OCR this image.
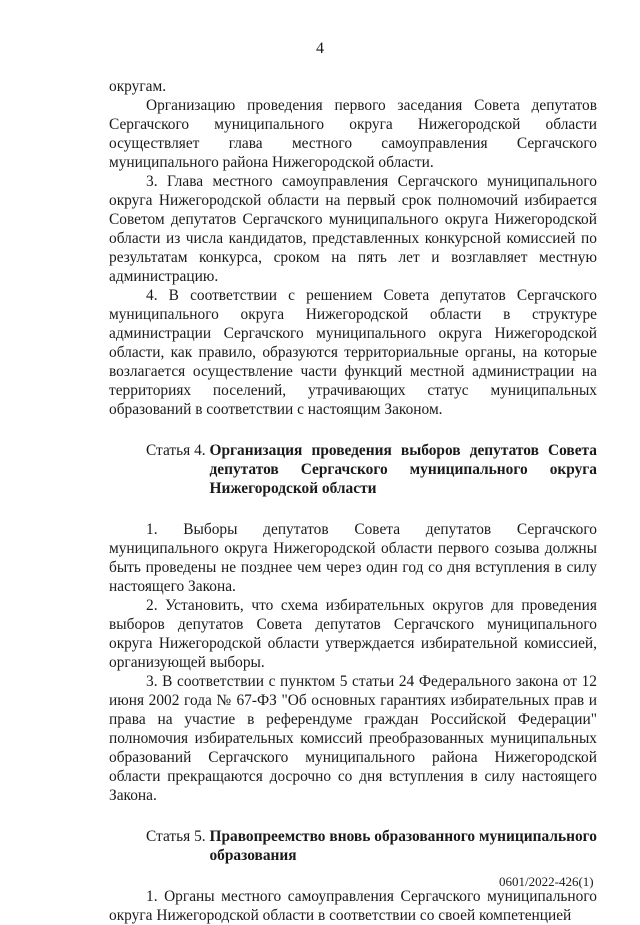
4

округам.

Организацию проведения первого заседания Совета депутатов Сергачского муниципального округа Нижегородской области осуществляет глава местного самоуправления Сергачского муниципального района Нижегородской области.

3. Глава местного самоуправления Сергачского муниципального округа Нижегородской области на первый срок полномочий избирается Советом депутатов Сергачского муниципального округа Нижегородской области из числа кандидатов, представленных конкурсной комиссией по результатам конкурса, сроком на пять лет и возглавляет местную администрацию.

4. В соответствии с решением Совета депутатов Сергачского муниципального округа Нижегородской области в структуре администрации Сергачского муниципального округа Нижегородской области, как правило, образуются территориальные органы, на которые возлагается осуществление части функций местной администрации на территориях поселений, утрачивающих статус муниципальных образований в соответствии с настоящим Законом.

Статья 4. Организация проведения выборов депутатов Совета депутатов Сергачского муниципального округа Нижегородской области

1. Выборы депутатов Совета депутатов Сергачского муниципального округа Нижегородской области первого созыва должны быть проведены не позднее чем через один год со дня вступления в силу настоящего Закона.

2. Установить, что схема избирательных округов для проведения выборов депутатов Совета депутатов Сергачского муниципального округа Нижегородской области утверждается избирательной комиссией, организующей выборы.

3. В соответствии с пунктом 5 статьи 24 Федерального закона от 12 июня 2002 года № 67-ФЗ "Об основных гарантиях избирательных прав и права на участие в референдуме граждан Российской Федерации" полномочия избирательных комиссий преобразованных муниципальных образований Сергачского муниципального района Нижегородской области прекращаются досрочно со дня вступления в силу настоящего Закона.

Статья 5. Правопреемство вновь образованного муниципального образования

1. Органы местного самоуправления Сергачского муниципального округа Нижегородской области в соответствии со своей компетенцией

0601/2022-426(1)
